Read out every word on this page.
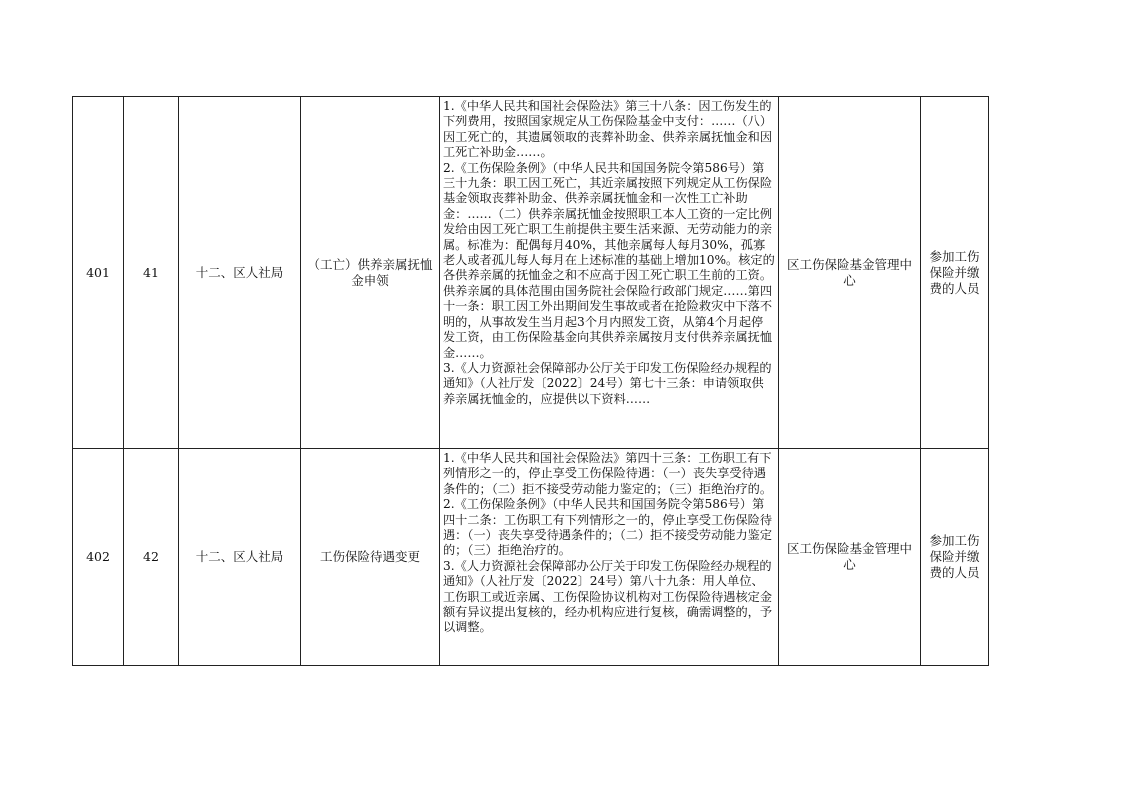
401	41	十二、区人社局	（工亡）供养亲属抚恤金申领	1.《中华人民共和国社会保险法》第三十八条：因工伤发生的下列费用，按照国家规定从工伤保险基金中支付：……（八）因工死亡的，其遗属领取的丧葬补助金、供养亲属抚恤金和因工死亡补助金……。
2.《工伤保险条例》（中华人民共和国国务院令第586号）第三十九条：职工因工死亡，其近亲属按照下列规定从工伤保险基金领取丧葬补助金、供养亲属抚恤金和一次性工亡补助金：……（二）供养亲属抚恤金按照职工本人工资的一定比例发给由因工死亡职工生前提供主要生活来源、无劳动能力的亲属。标准为：配偶每月40%，其他亲属每人每月30%，孤寡老人或者孤儿每人每月在上述标准的基础上增加10%。核定的各供养亲属的抚恤金之和不应高于因工死亡职工生前的工资。供养亲属的具体范围由国务院社会保险行政部门规定……第四十一条：职工因工外出期间发生事故或者在抢险救灾中下落不明的，从事故发生当月起3个月内照发工资，从第4个月起停发工资，由工伤保险基金向其供养亲属按月支付供养亲属抚恤金……。
3.《人力资源社会保障部办公厅关于印发工伤保险经办规程的通知》（人社厅发〔2022〕24号）第七十三条：申请领取供养亲属抚恤金的，应提供以下资料……	区工伤保险基金管理中心	参加工伤保险并缴费的人员
402	42	十二、区人社局	工伤保险待遇变更	1.《中华人民共和国社会保险法》第四十三条：工伤职工有下列情形之一的，停止享受工伤保险待遇：（一）丧失享受待遇条件的；（二）拒不接受劳动能力鉴定的；（三）拒绝治疗的。
2.《工伤保险条例》（中华人民共和国国务院令第586号）第四十二条：工伤职工有下列情形之一的，停止享受工伤保险待遇：（一）丧失享受待遇条件的；（二）拒不接受劳动能力鉴定的；（三）拒绝治疗的。
3.《人力资源社会保障部办公厅关于印发工伤保险经办规程的通知》（人社厅发〔2022〕24号）第八十九条：用人单位、工伤职工或近亲属、工伤保险协议机构对工伤保险待遇核定金额有异议提出复核的，经办机构应进行复核，确需调整的，予以调整。	区工伤保险基金管理中心	参加工伤保险并缴费的人员
